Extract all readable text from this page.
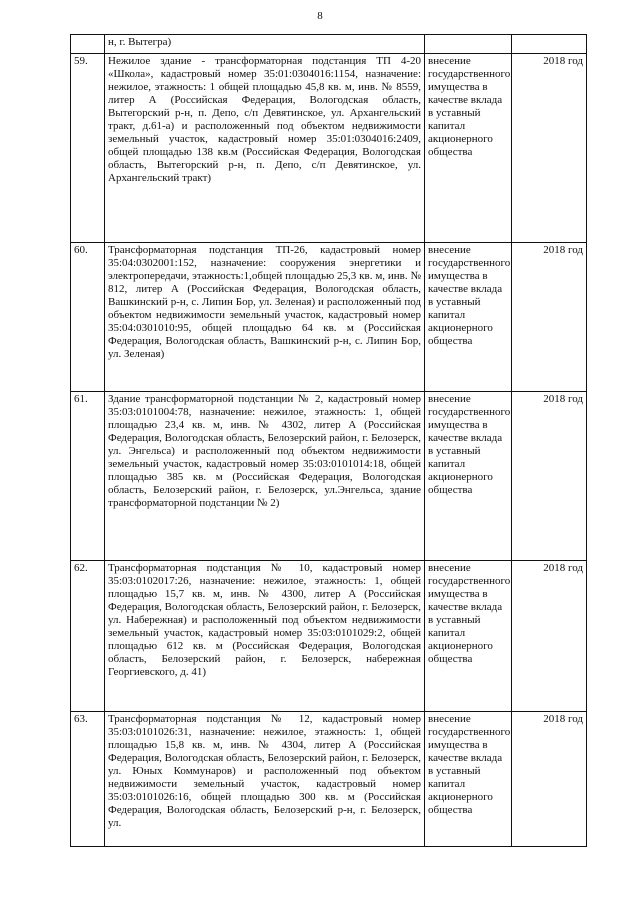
8
	н, г. Вытегра)		
59.	Нежилое здание - трансформаторная подстанция ТП 4-20 «Школа», кадастровый номер 35:01:0304016:1154, назначение: нежилое, этажность: 1 общей площадью 45,8 кв. м, инв. № 8559, литер А (Российская Федерация, Вологодская область, Вытегорский р-н, п. Депо, с/п Девятинское, ул. Архангельский тракт, д.61-а) и расположенный под объектом недвижимости земельный участок, кадастровый номер 35:01:0304016:2409, общей площадью 138 кв.м (Российская Федерация, Вологодская область, Вытегорский р-н, п. Депо, с/п Девятинское, ул. Архангельский тракт)	внесение государственного имущества в качестве вклада в уставный капитал акционерного общества	2018 год
60.	Трансформаторная подстанция ТП-26, кадастровый номер 35:04:0302001:152, назначение: сооружения энергетики и электропередачи, этажность:1,общей площадью 25,3 кв. м, инв. № 812, литер А (Российская Федерация, Вологодская область, Вашкинский р-н, с. Липин Бор, ул. Зеленая) и расположенный под объектом недвижимости земельный участок, кадастровый номер 35:04:0301010:95, общей площадью 64 кв. м (Российская Федерация, Вологодская область, Вашкинский р-н, с. Липин Бор, ул. Зеленая)	внесение государственного имущества в качестве вклада в уставный капитал акционерного общества	2018 год
61.	Здание трансформаторной подстанции № 2, кадастровый номер 35:03:0101004:78, назначение: нежилое, этажность: 1, общей площадью 23,4 кв. м, инв. № 4302, литер А (Российская Федерация, Вологодская область, Белозерский район, г. Белозерск, ул. Энгельса) и расположенный под объектом недвижимости земельный участок, кадастровый номер 35:03:0101014:18, общей площадью 385 кв. м (Российская Федерация, Вологодская область, Белозерский район, г. Белозерск, ул.Энгельса, здание трансформаторной подстанции № 2)	внесение государственного имущества в качестве вклада в уставный капитал акционерного общества	2018 год
62.	Трансформаторная подстанция № 10, кадастровый номер 35:03:0102017:26, назначение: нежилое, этажность: 1, общей площадью 15,7 кв. м, инв. № 4300, литер А (Российская Федерация, Вологодская область, Белозерский район, г. Белозерск, ул. Набережная) и расположенный под объектом недвижимости земельный участок, кадастровый номер 35:03:0101029:2, общей площадью 612 кв. м (Российская Федерация, Вологодская область, Белозерский район, г. Белозерск, набережная Георгиевского, д. 41)	внесение государственного имущества в качестве вклада в уставный капитал акционерного общества	2018 год
63.	Трансформаторная подстанция № 12, кадастровый номер 35:03:0101026:31, назначение: нежилое, этажность: 1, общей площадью 15,8 кв. м, инв. № 4304, литер А (Российская Федерация, Вологодская область, Белозерский район, г. Белозерск, ул. Юных Коммунаров) и расположенный под объектом недвижимости земельный участок, кадастровый номер 35:03:0101026:16, общей площадью 300 кв. м (Российская Федерация, Вологодская область, Белозерский р-н, г. Белозерск, ул.	внесение государственного имущества в качестве вклада в уставный капитал акционерного общества	2018 год
